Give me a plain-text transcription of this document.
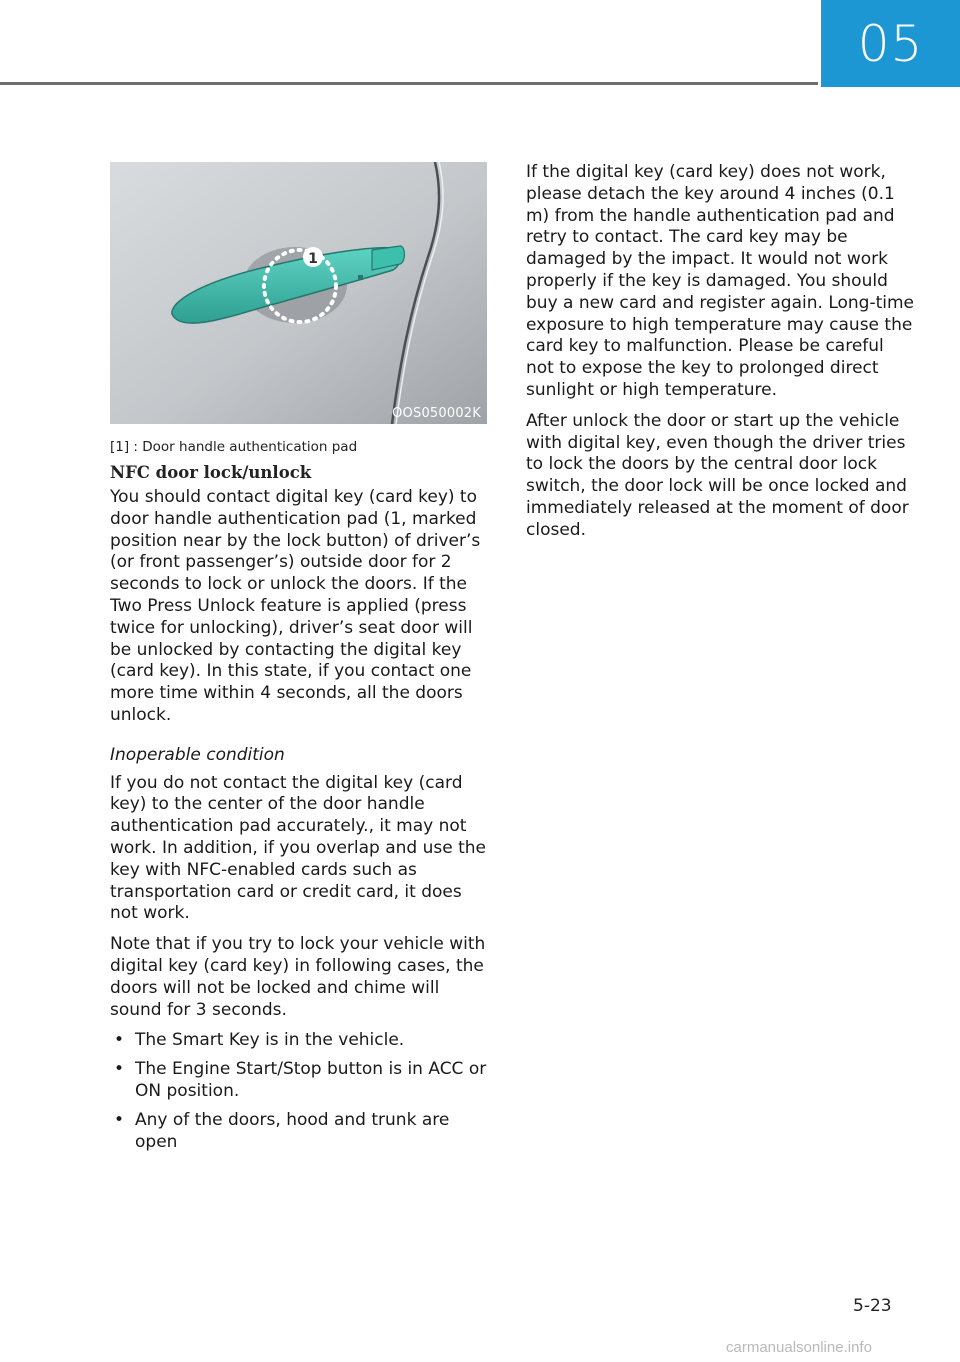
05
1
OOS050002K
[1] : Door handle authentication pad
NFC door lock/unlock

You should contact digital key (card key) to door handle authentication pad (1, marked position near by the lock button) of driver’s (or front passenger’s) outside door for 2 seconds to lock or unlock the doors. If the Two Press Unlock feature is applied (press twice for unlocking), driver’s seat door will be unlocked by contacting the digital key (card key). In this state, if you contact one more time within 4 seconds, all the doors unlock.

Inoperable condition

If you do not contact the digital key (card key) to the center of the door handle authentication pad accurately., it may not work. In addition, if you overlap and use the key with NFC-enabled cards such as transportation card or credit card, it does not work.

Note that if you try to lock your vehicle with digital key (card key) in following cases, the doors will not be locked and chime will sound for 3 seconds.

• The Smart Key is in the vehicle.
• The Engine Start/Stop button is in ACC or ON position.
• Any of the doors, hood and trunk are open

If the digital key (card key) does not work, please detach the key around 4 inches (0.1 m) from the handle authentication pad and retry to contact. The card key may be damaged by the impact. It would not work properly if the key is damaged. You should buy a new card and register again. Long-time exposure to high temperature may cause the card key to malfunction. Please be careful not to expose the key to prolonged direct sunlight or high temperature.

After unlock the door or start up the vehicle with digital key, even though the driver tries to lock the doors by the central door lock switch, the door lock will be once locked and immediately released at the moment of door closed.

5-23
carmanualsonline.info
